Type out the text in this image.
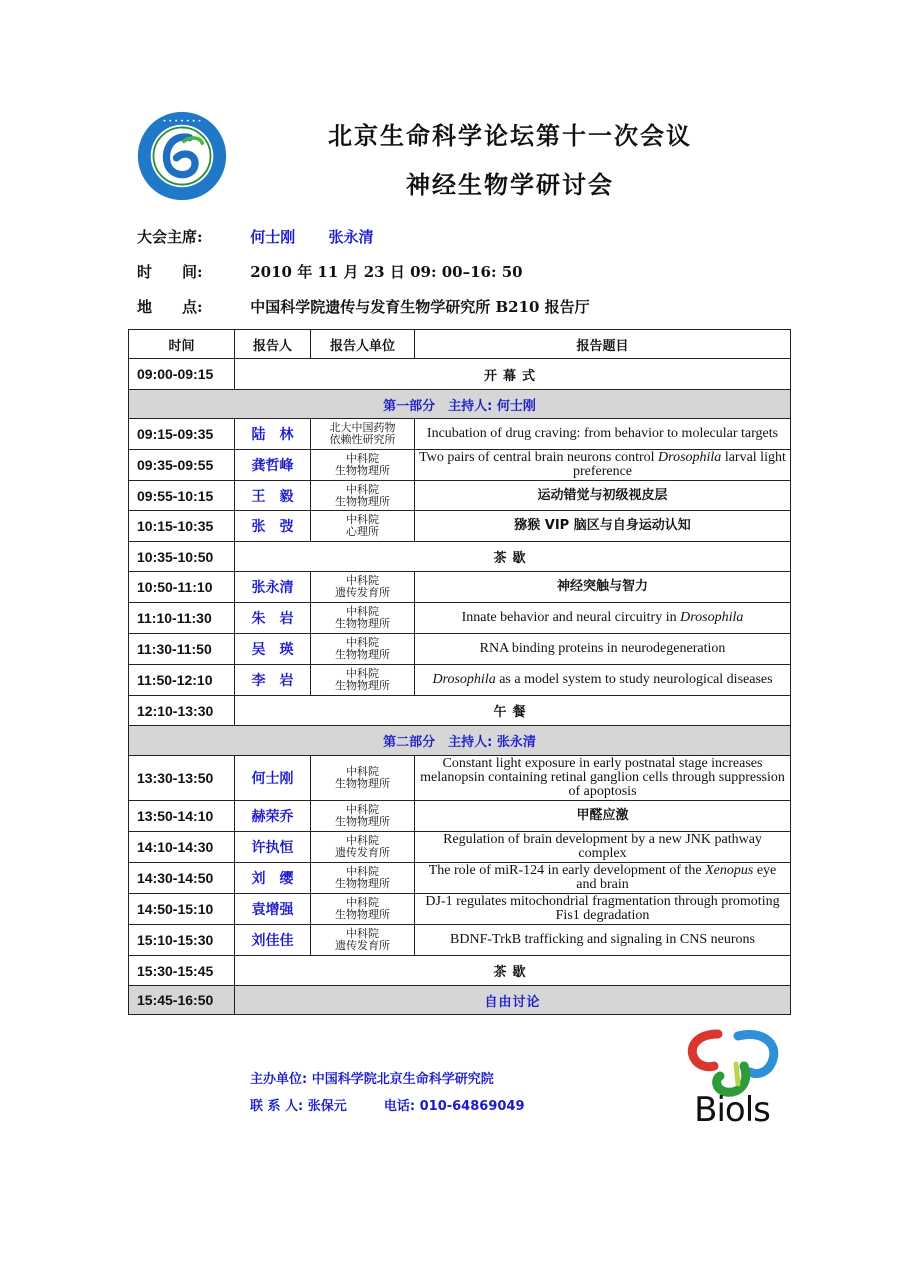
• • • • • • •
北京生命科学论坛第十一次会议
神经生物学研讨会
大会主席:	何士刚 张永清
时　　间:	2010 年 11 月 23 日 09: 00–16: 50
地　　点:	中国科学院遗传与发育生物学研究所 B210 报告厅
时间	报告人	报告人单位	报告题目
09:00-09:15	开幕式		
第一部分　主持人: 何士刚			
09:15-09:35	陆　林	北大中国药物
依赖性研究所	Incubation of drug craving: from behavior to molecular targets
09:35-09:55	龚哲峰	中科院
生物物理所	Two pairs of central brain neurons control Drosophila larval light preference
09:55-10:15	王　毅	中科院
生物物理所	运动错觉与初级视皮层
10:15-10:35	张　弢	中科院
心理所	猕猴 VIP 脑区与自身运动认知
10:35-10:50	茶歇		
10:50-11:10	张永清	中科院
遗传发育所	神经突触与智力
11:10-11:30	朱　岩	中科院
生物物理所	Innate behavior and neural circuitry in Drosophila
11:30-11:50	吴　瑛	中科院
生物物理所	RNA binding proteins in neurodegeneration
11:50-12:10	李　岩	中科院
生物物理所	Drosophila as a model system to study neurological diseases
12:10-13:30	午餐		
第二部分　主持人: 张永清			
13:30-13:50	何士刚	中科院
生物物理所	Constant light exposure in early postnatal stage increases melanopsin containing retinal ganglion cells through suppression of apoptosis
13:50-14:10	赫荣乔	中科院
生物物理所	甲醛应激
14:10-14:30	许执恒	中科院
遗传发育所	Regulation of brain development by a new JNK pathway complex
14:30-14:50	刘　缨	中科院
生物物理所	The role of miR-124 in early development of the Xenopus eye and brain
14:50-15:10	袁增强	中科院
生物物理所	DJ-1 regulates mitochondrial fragmentation through promoting Fis1 degradation
15:10-15:30	刘佳佳	中科院
遗传发育所	BDNF-TrkB trafficking and signaling in CNS neurons
15:30-15:45	茶歇		
15:45-16:50	自由讨论		
主办单位: 中国科学院北京生命科学研究院
联 系 人: 张保元	电话: 010-64869049	Biols
